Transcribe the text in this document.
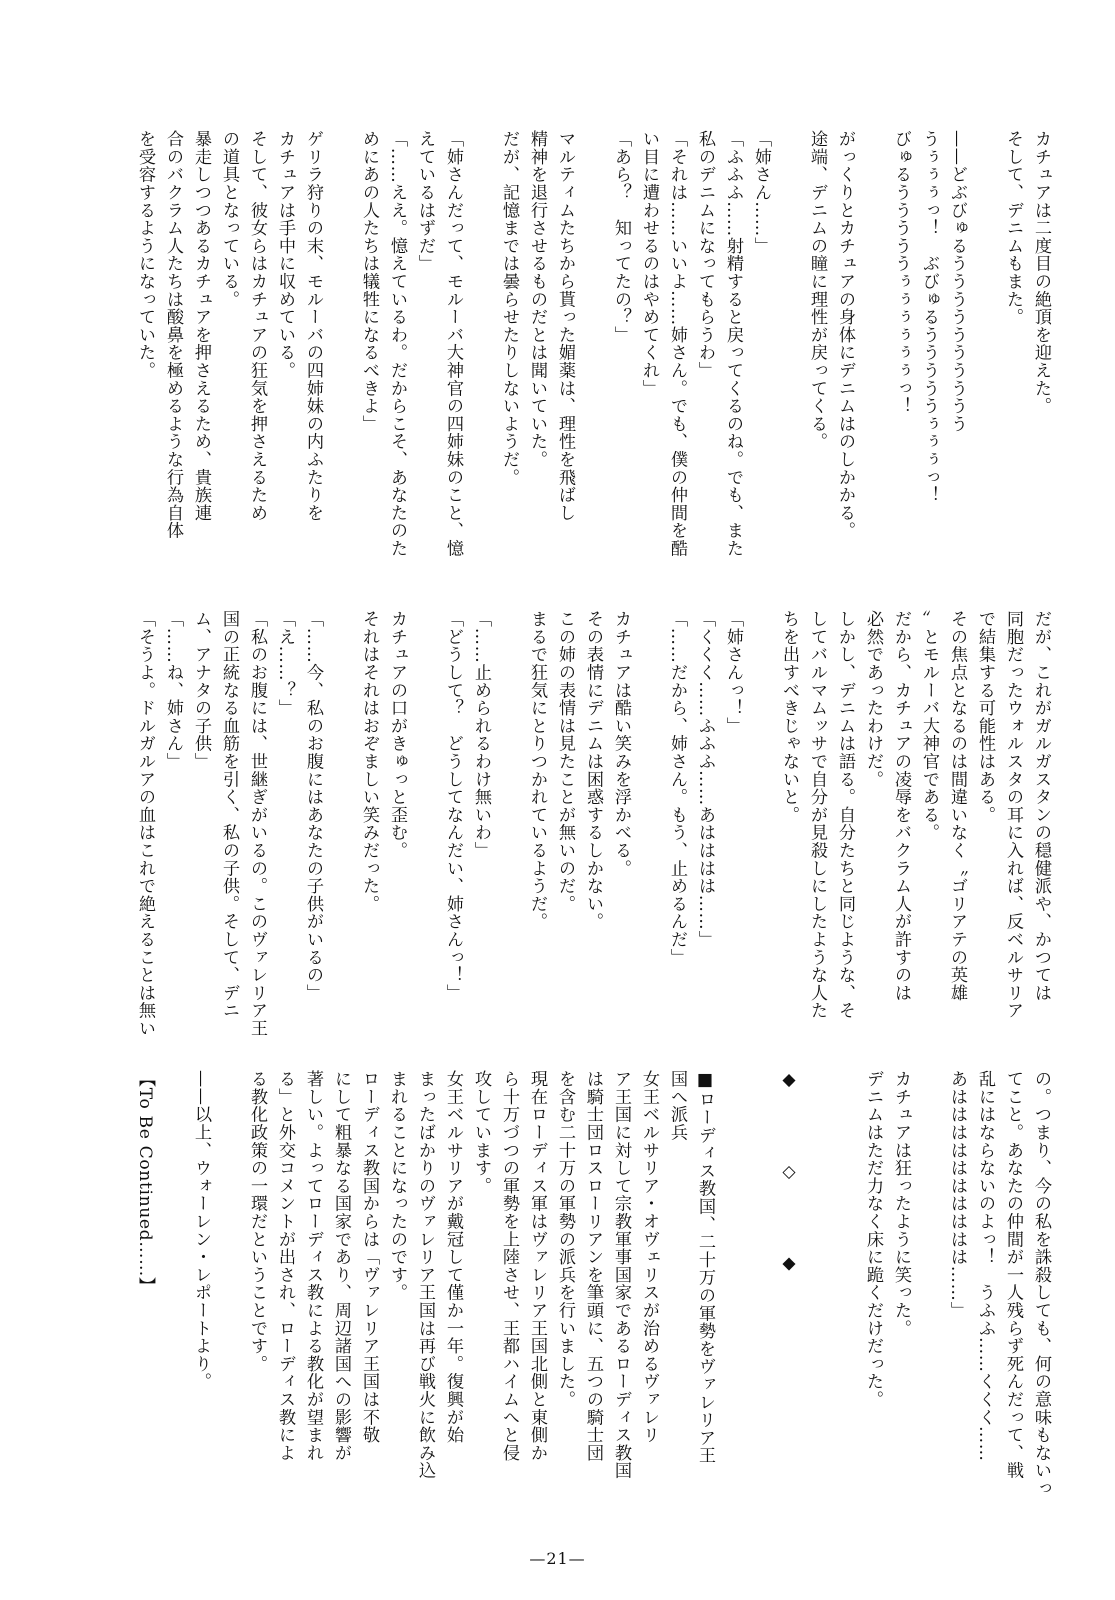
カチュアは二度目の絶頂を迎えた。

そして、デニムもまた。

——どぶびゅるうううううううううう

うぅぅぅっ！　ぶびゅるうううううぅぅぅっ！

びゅるうううううぅぅぅぅぅぅっ！

がっくりとカチュアの身体にデニムはのしかかる。

途端、デニムの瞳に理性が戻ってくる。

「姉さん……」

「ふふふ……射精すると戻ってくるのね。でも、また

私のデニムになってもらうわ」

「それは……いいよ……姉さん。でも、僕の仲間を酷

い目に遭わせるのはやめてくれ」

「あら？　知ってたの？」

マルティムたちから貰った媚薬は、理性を飛ばし

精神を退行させるものだとは聞いていた。

だが、記憶までは曇らせたりしないようだ。

「姉さんだって、モルーバ大神官の四姉妹のこと、憶

えているはずだ」

「……ええ。憶えているわ。だからこそ、あなたのた

めにあの人たちは犠牲になるべきよ」

ゲリラ狩りの末、モルーバの四姉妹の内ふたりを

カチュアは手中に収めている。

そして、彼女らはカチュアの狂気を押さえるため

の道具となっている。

暴走しつつあるカチュアを押さえるため、貴族連

合のバクラム人たちは酸鼻を極めるような行為自体

を受容するようになっていた。

だが、これがガルガスタンの穏健派や、かつては

同胞だったウォルスタの耳に入れば、反ベルサリア

で結集する可能性はある。

その焦点となるのは間違いなく〝ゴリアテの英雄

〟とモルーバ大神官である。

だから、カチュアの凌辱をバクラム人が許すのは

必然であったわけだ。

しかし、デニムは語る。自分たちと同じような、そ

してバルマムッサで自分が見殺しにしたような人た

ちを出すべきじゃないと。

「姉さんっ！」

「くくく……ふふふ……あはははは……」

「……だから、姉さん。もう、止めるんだ」

カチュアは酷い笑みを浮かべる。

その表情にデニムは困惑するしかない。

この姉の表情は見たことが無いのだ。

まるで狂気にとりつかれているようだ。

「……止められるわけ無いわ」

「どうして？　どうしてなんだい、姉さんっ！」

カチュアの口がきゅっと歪む。

それはそれはおぞましい笑みだった。

「……今、私のお腹にはあなたの子供がいるの」

「え……？」

「私のお腹には、世継ぎがいるの。このヴァレリア王

国の正統なる血筋を引く、私の子供。そして、デニ

ム、アナタの子供」

「……ね、姉さん」

「そうよ。ドルガルアの血はこれで絶えることは無い

の。つまり、今の私を誅殺しても、何の意味もないっ

てこと。あなたの仲間が一人残らず死んだって、戦

乱にはならないのよっ！　うふふ……くくく……

あはははははははははは……」

カチュアは狂ったように笑った。

デニムはただ力なく床に跪くだけだった。

◆　　　　◇　　　　◆

■ローディス教国、二十万の軍勢をヴァレリア王

国へ派兵

女王ベルサリア・オヴェリスが治めるヴァレリ

ア王国に対して宗教軍事国家であるローディス教国

は騎士団ロスローリアンを筆頭に、五つの騎士団

を含む二十万の軍勢の派兵を行いました。

現在ローディス軍はヴァレリア王国北側と東側か

ら十万づつの軍勢を上陸させ、王都ハイムへと侵

攻しています。

女王ベルサリアが戴冠して僅か一年。復興が始

まったばかりのヴァレリア王国は再び戦火に飲み込

まれることになったのです。

ローディス教国からは「ヴァレリア王国は不敬

にして粗暴なる国家であり、周辺諸国への影響が

著しい。よってローディス教による教化が望まれ

る」と外交コメントが出され、ローディス教によ

る教化政策の一環だということです。

——以上、ウォーレン・レポートより。

【To Be Continued……】

—21—
